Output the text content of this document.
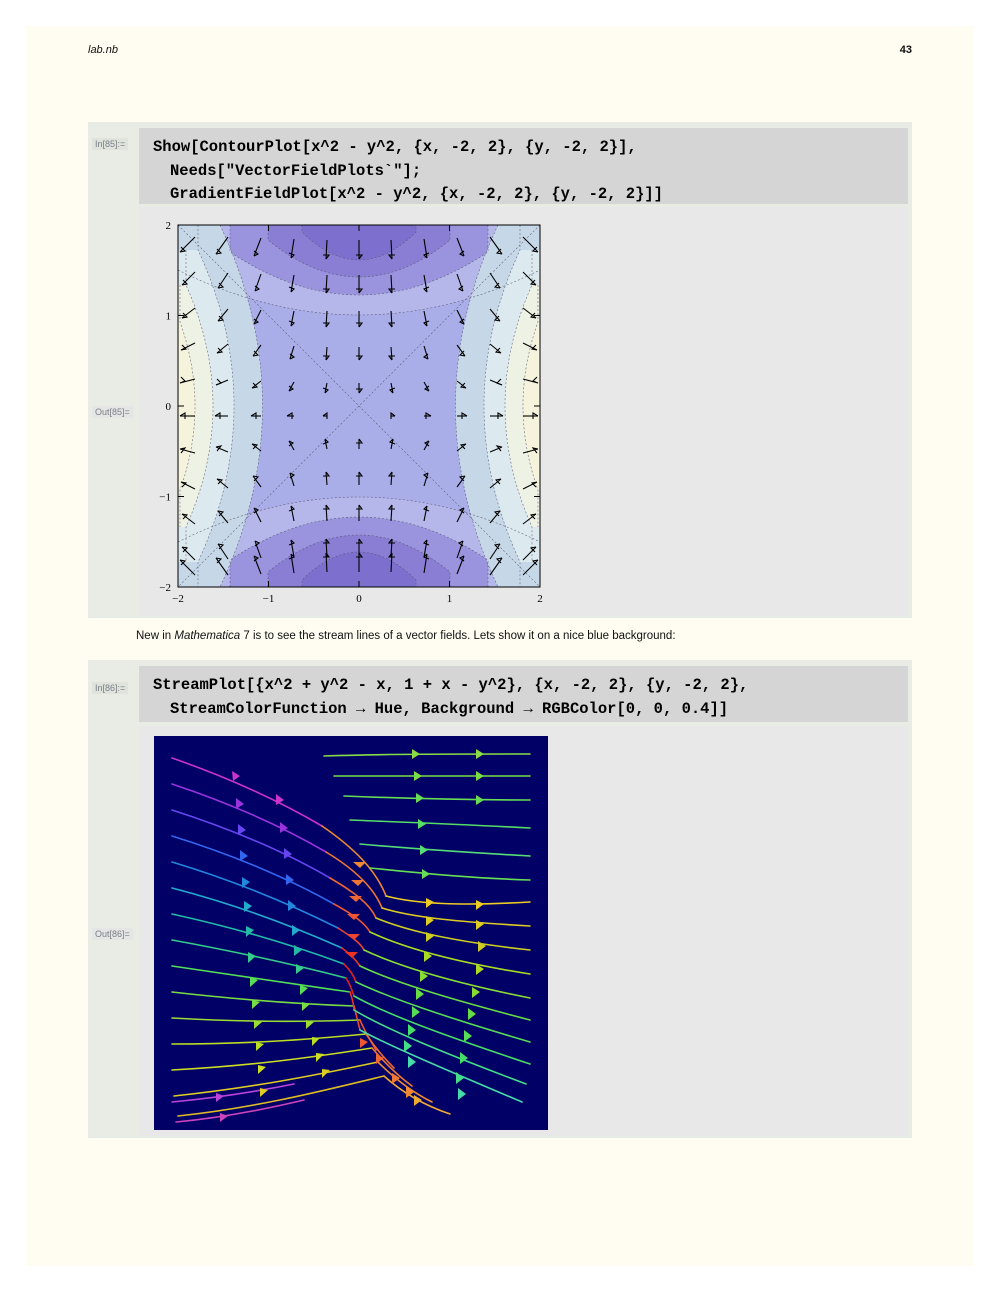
lab.nb	43
In[85]:=	Show[ContourPlot[x^2 - y^2, {x, -2, 2}, {y, -2, 2}],

Needs["VectorFieldPlots`"];
GradientFieldPlot[x^2 - y^2, {x, -2, 2}, {y, -2, 2}]]
Out[85]=
−2	−1	0	1	2
2
1
0
−1
−2
New in Mathematica 7 is to see the stream lines of a vector fields. Lets show it on a nice blue background:
In[86]:=	StreamPlot[{x^2 + y^2 - x, 1 + x - y^2}, {x, -2, 2}, {y, -2, 2},

StreamColorFunction → Hue, Background → RGBColor[0, 0, 0.4]]
Out[86]=
